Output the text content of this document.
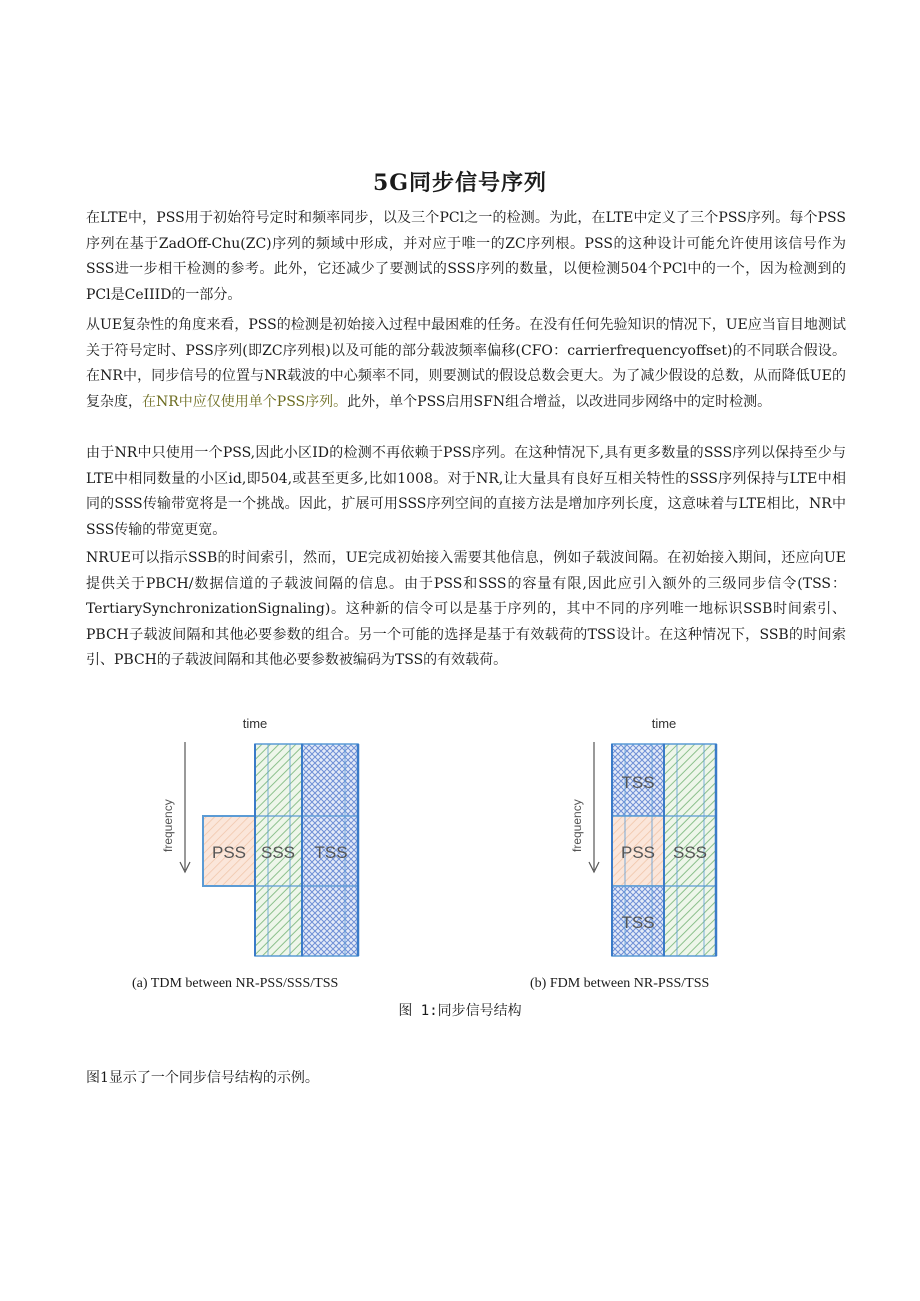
5G同步信号序列

在LTE中，PSS用于初始符号定时和频率同步，以及三个PCl之一的检测。为此，在LTE中定义了三个PSS序列。每个PSS序列在基于ZadOff-Chu(ZC)序列的频域中形成，并对应于唯一的ZC序列根。PSS的这种设计可能允许使用该信号作为SSS进一步相干检测的参考。此外，它还减少了要测试的SSS序列的数量，以便检测504个PCl中的一个，因为检测到的PCl是CeIIID的一部分。

从UE复杂性的角度来看，PSS的检测是初始接入过程中最困难的任务。在没有任何先验知识的情况下，UE应当盲目地测试关于符号定时、PSS序列(即ZC序列根)以及可能的部分载波频率偏移(CFO：carrierfrequencyoffset)的不同联合假设。在NR中，同步信号的位置与NR载波的中心频率不同，则要测试的假设总数会更大。为了减少假设的总数，从而降低UE的复杂度，在NR中应仅使用单个PSS序列。此外，单个PSS启用SFN组合增益，以改进同步网络中的定时检测。

由于NR中只使用一个PSS,因此小区ID的检测不再依赖于PSS序列。在这种情况下,具有更多数量的SSS序列以保持至少与LTE中相同数量的小区id,即504,或甚至更多,比如1008。对于NR,让大量具有良好互相关特性的SSS序列保持与LTE中相同的SSS传输带宽将是一个挑战。因此，扩展可用SSS序列空间的直接方法是增加序列长度，这意味着与LTE相比，NR中SSS传输的带宽更宽。

NRUE可以指示SSB的时间索引，然而，UE完成初始接入需要其他信息，例如子载波间隔。在初始接入期间，还应向UE提供关于PBCH/数据信道的子载波间隔的信息。由于PSS和SSS的容量有限,因此应引入额外的三级同步信令(TSS：TertiarySynchronizationSignaling)。这种新的信令可以是基于序列的，其中不同的序列唯一地标识SSB时间索引、PBCH子载波间隔和其他必要参数的组合。另一个可能的选择是基于有效载荷的TSS设计。在这种情况下，SSB的时间索引、PBCH的子载波间隔和其他必要参数被编码为TSS的有效载荷。

time
frequency
PSS SSS TSS
time
frequency
TSS
PSS
TSS
SSS
(a) TDM between NR-PSS/SSS/TSS	(b) FDM between NR-PSS/TSS
图 1:同步信号结构

图1显示了一个同步信号结构的示例。
